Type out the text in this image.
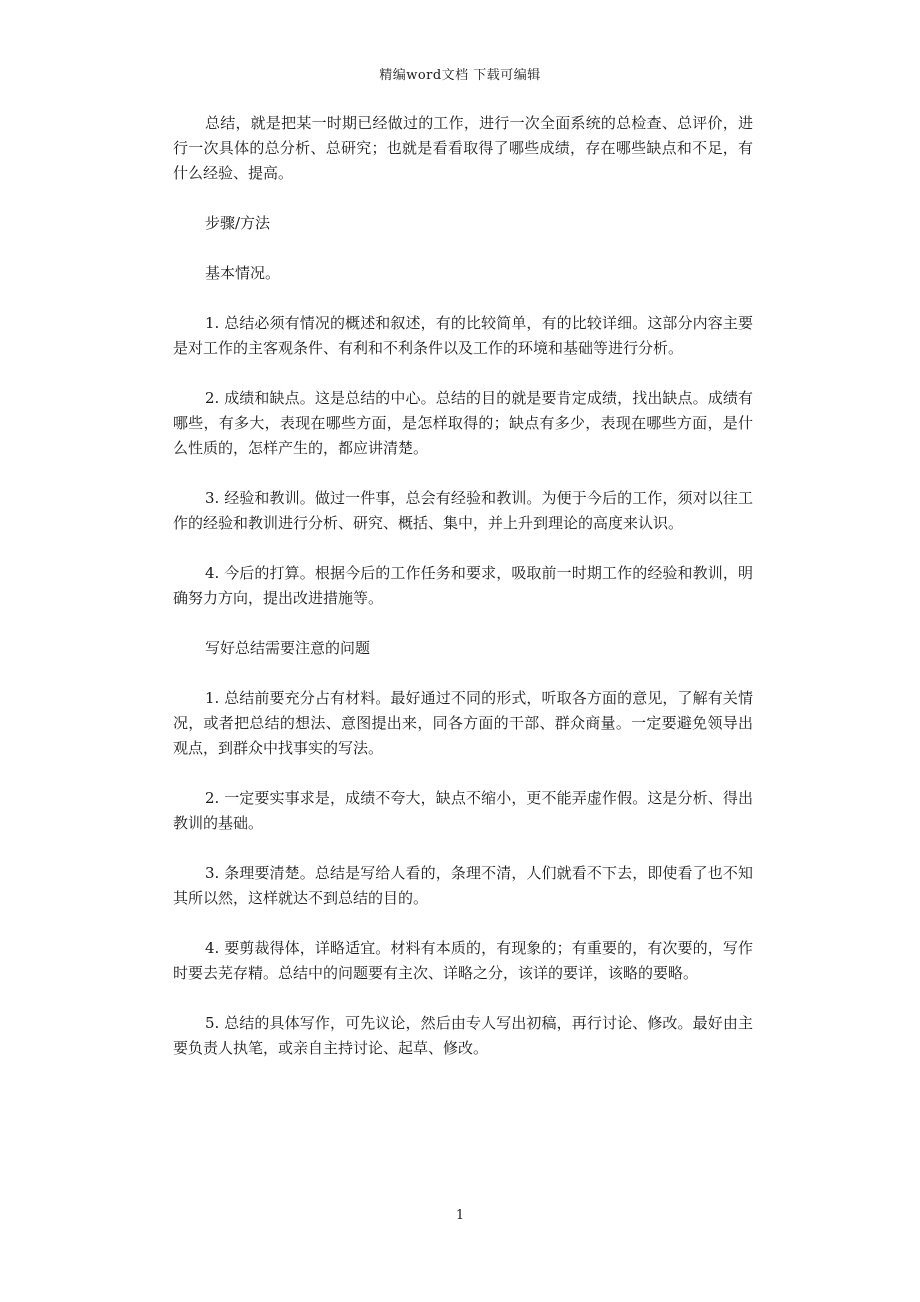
精编word文档 下载可编辑

总结，就是把某一时期已经做过的工作，进行一次全面系统的总检查、总评价，进行一次具体的总分析、总研究；也就是看看取得了哪些成绩，存在哪些缺点和不足，有什么经验、提高。

步骤/方法

基本情况。

1. 总结必须有情况的概述和叙述，有的比较简单，有的比较详细。这部分内容主要是对工作的主客观条件、有利和不利条件以及工作的环境和基础等进行分析。

2. 成绩和缺点。这是总结的中心。总结的目的就是要肯定成绩，找出缺点。成绩有哪些，有多大，表现在哪些方面，是怎样取得的；缺点有多少，表现在哪些方面，是什么性质的，怎样产生的，都应讲清楚。

3. 经验和教训。做过一件事，总会有经验和教训。为便于今后的工作，须对以往工作的经验和教训进行分析、研究、概括、集中，并上升到理论的高度来认识。

4. 今后的打算。根据今后的工作任务和要求，吸取前一时期工作的经验和教训，明确努力方向，提出改进措施等。

写好总结需要注意的问题

1. 总结前要充分占有材料。最好通过不同的形式，听取各方面的意见，了解有关情况，或者把总结的想法、意图提出来，同各方面的干部、群众商量。一定要避免领导出观点，到群众中找事实的写法。

2. 一定要实事求是，成绩不夸大，缺点不缩小，更不能弄虚作假。这是分析、得出教训的基础。

3. 条理要清楚。总结是写给人看的，条理不清，人们就看不下去，即使看了也不知其所以然，这样就达不到总结的目的。

4. 要剪裁得体，详略适宜。材料有本质的，有现象的；有重要的，有次要的，写作时要去芜存精。总结中的问题要有主次、详略之分，该详的要详，该略的要略。

5. 总结的具体写作，可先议论，然后由专人写出初稿，再行讨论、修改。最好由主要负责人执笔，或亲自主持讨论、起草、修改。

1
